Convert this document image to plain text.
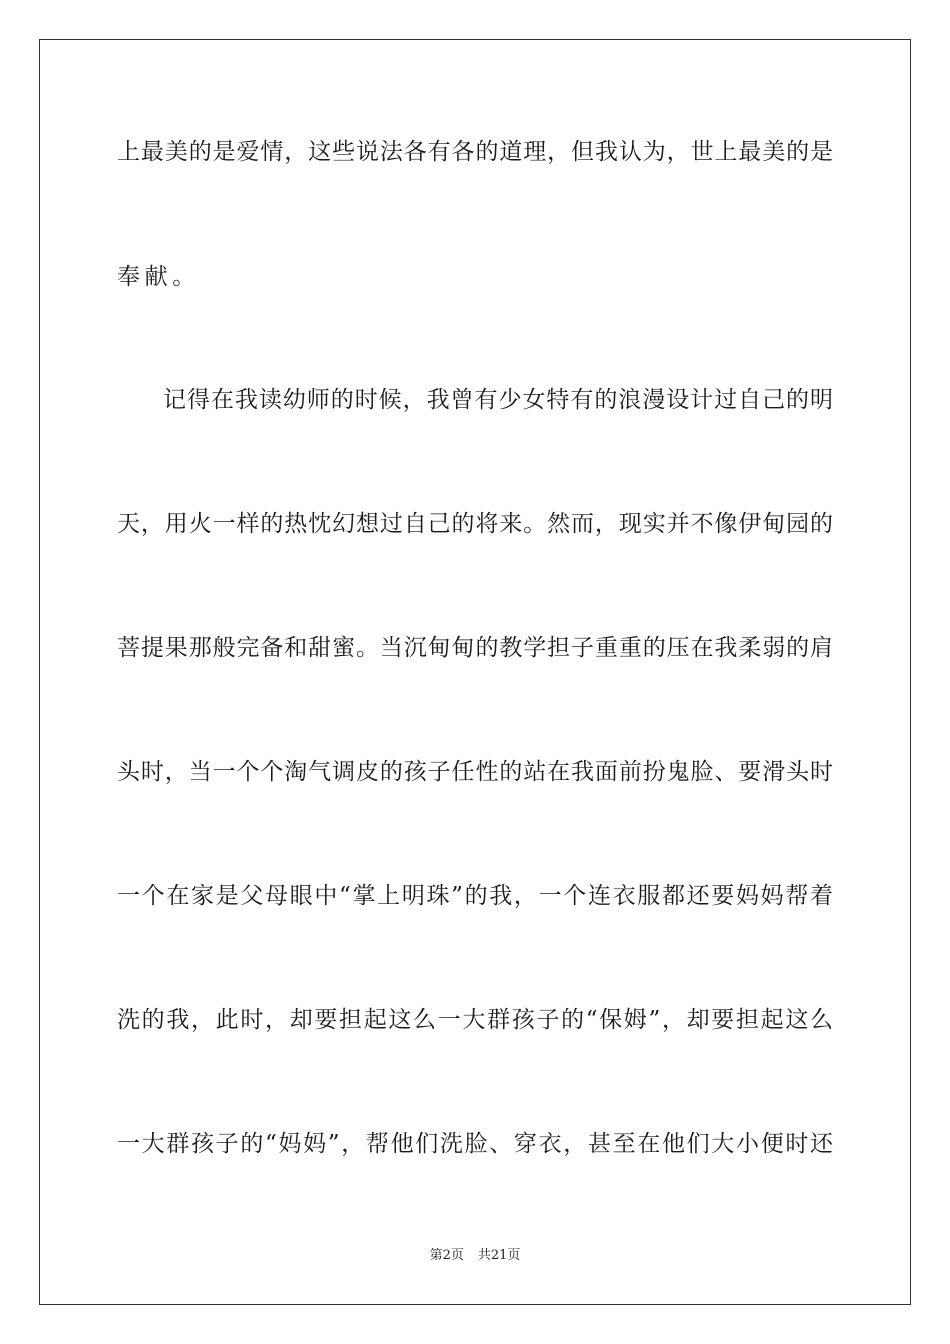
上最美的是爱情，这些说法各有各的道理，但我认为，世上最美的是
奉献。
记得在我读幼师的时候，我曾有少女特有的浪漫设计过自己的明
天，用火一样的热忱幻想过自己的将来。然而，现实并不像伊甸园的
菩提果那般完备和甜蜜。当沉甸甸的教学担子重重的压在我柔弱的肩
头时，当一个个淘气调皮的孩子任性的站在我面前扮鬼脸、要滑头时
一个在家是父母眼中“掌上明珠”的我，一个连衣服都还要妈妈帮着
洗的我，此时，却要担起这么一大群孩子的“保姆”，却要担起这么
一大群孩子的“妈妈”，帮他们洗脸、穿衣，甚至在他们大小便时还
第2页 共21页
